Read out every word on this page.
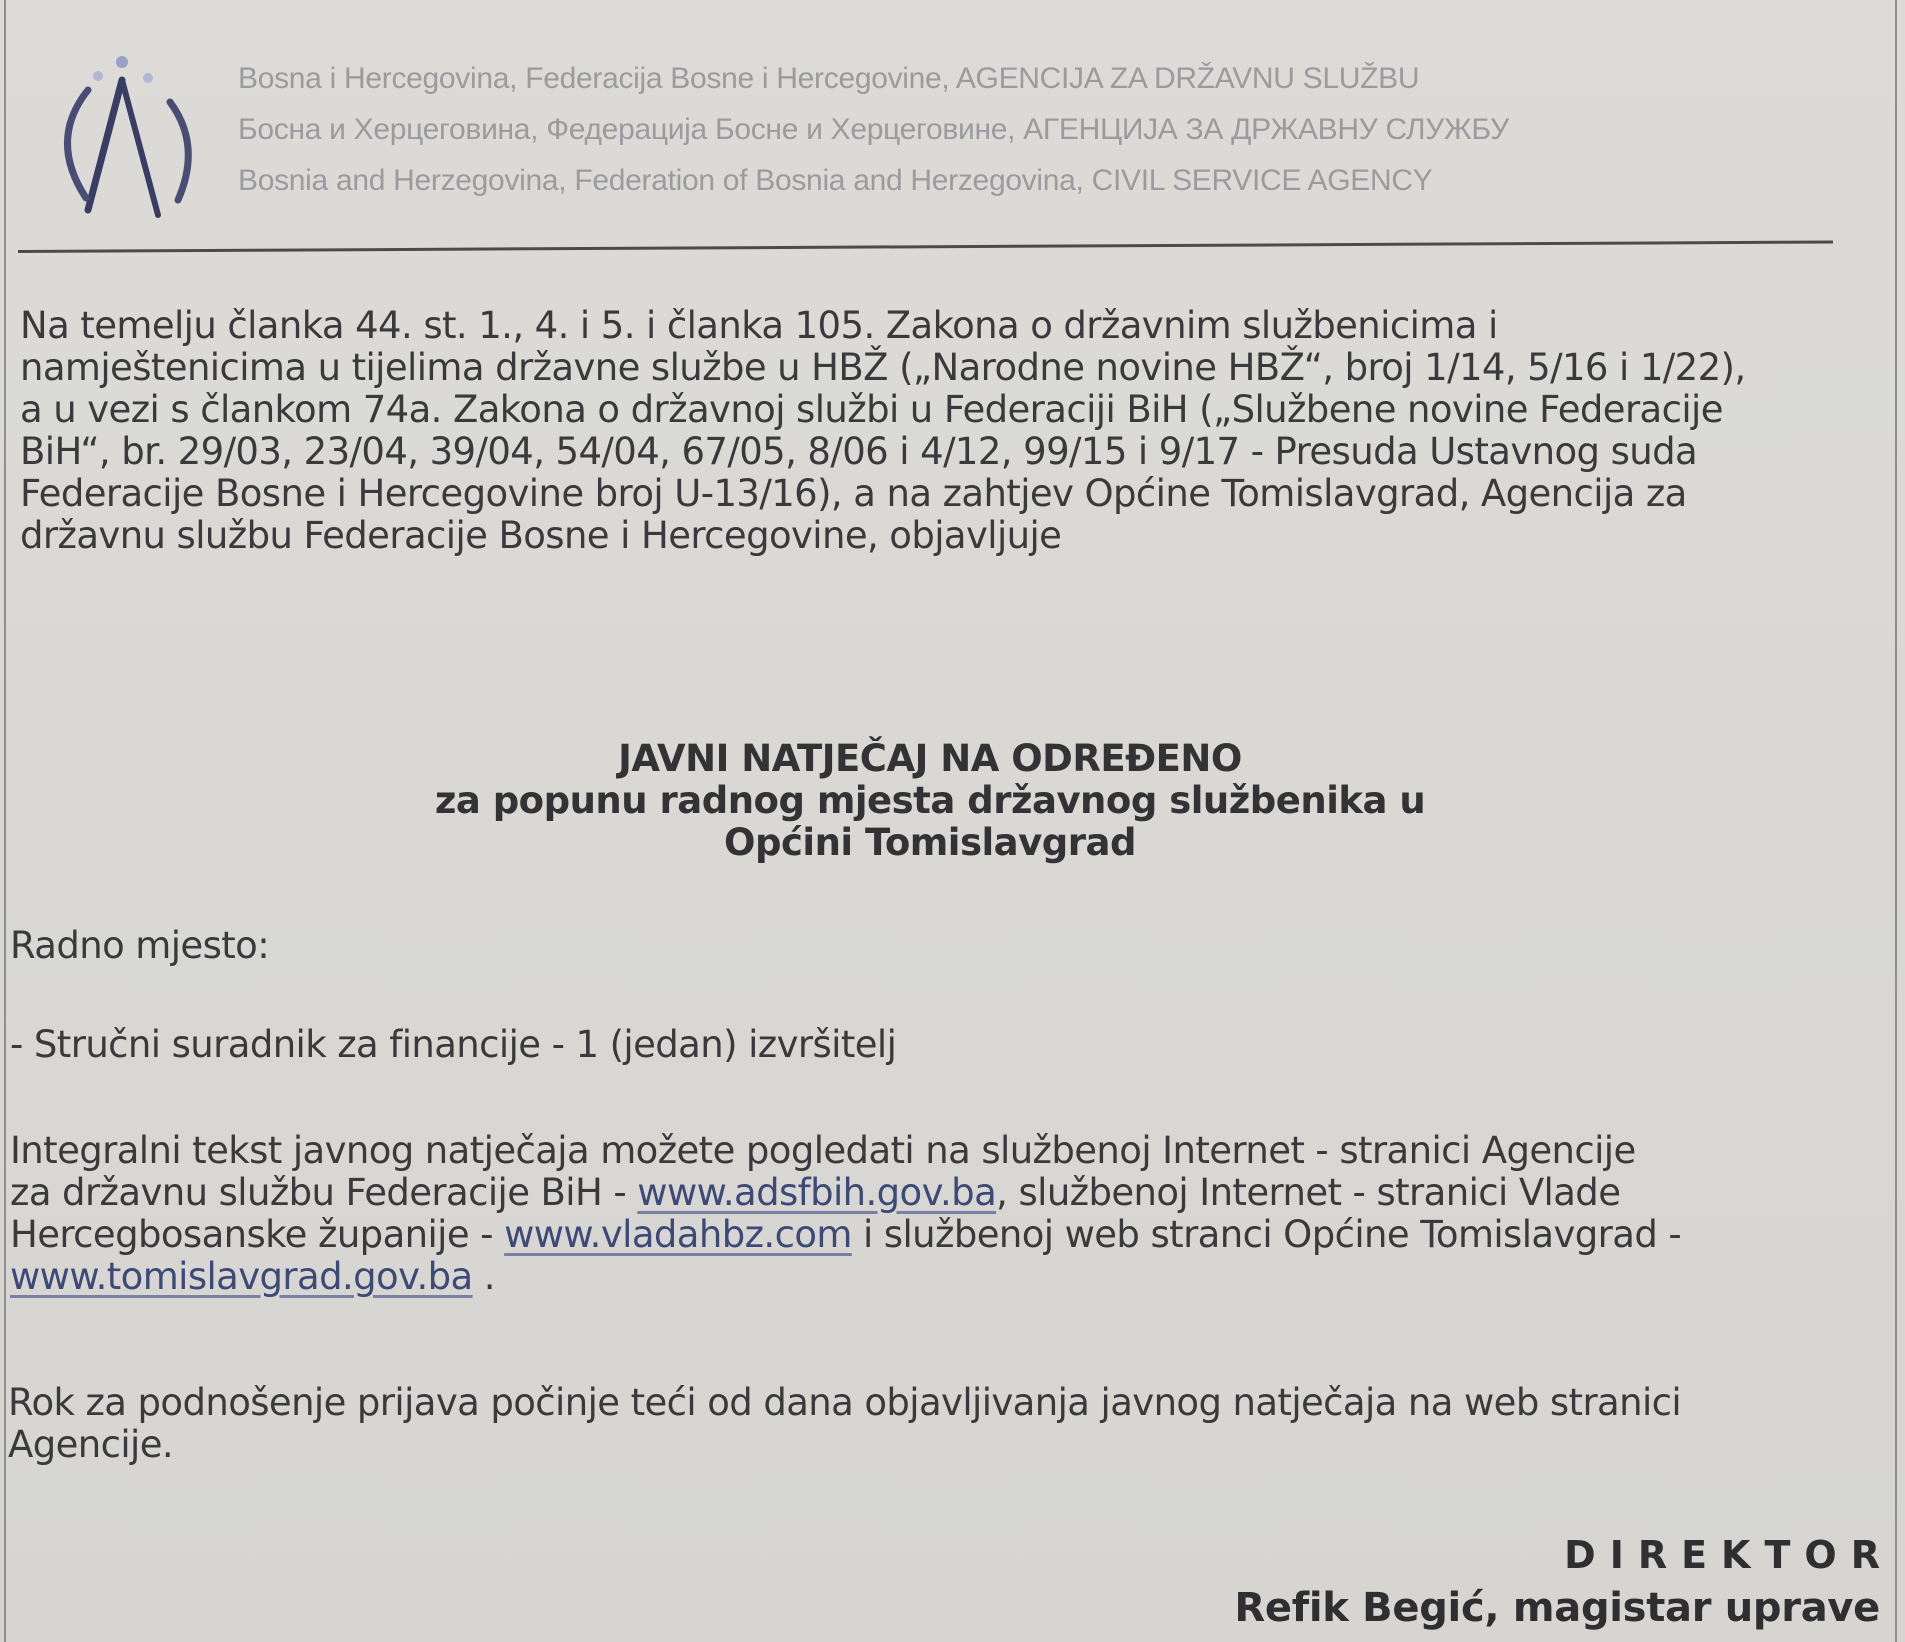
Bosna i Hercegovina, Federacija Bosne i Hercegovine, AGENCIJA ZA DRŽAVNU SLUŽBU
Босна и Херцеговина, Федерација Босне и Херцеговине, АГЕНЦИЈА ЗА ДРЖАВНУ СЛУЖБУ
Bosnia and Herzegovina, Federation of Bosnia and Herzegovina, CIVIL SERVICE AGENCY
Na temelju članka 44. st. 1., 4. i 5. i članka 105. Zakona o državnim službenicima i
namještenicima u tijelima državne službe u HBŽ („Narodne novine HBŽ“, broj 1/14, 5/16 i 1/22),
a u vezi s člankom 74a. Zakona o državnoj službi u Federaciji BiH („Službene novine Federacije
BiH“, br. 29/03, 23/04, 39/04, 54/04, 67/05, 8/06 i 4/12, 99/15 i 9/17 - Presuda Ustavnog suda
Federacije Bosne i Hercegovine broj U-13/16), a na zahtjev Općine Tomislavgrad, Agencija za
državnu službu Federacije Bosne i Hercegovine, objavljuje
JAVNI NATJEČAJ NA ODREĐENO
za popunu radnog mjesta državnog službenika u
Općini Tomislavgrad
Radno mjesto:
- Stručni suradnik za financije - 1 (jedan) izvršitelj
Integralni tekst javnog natječaja možete pogledati na službenoj Internet - stranici Agencije
za državnu službu Federacije BiH - www.adsfbih.gov.ba, službenoj Internet - stranici Vlade
Hercegbosanske županije - www.vladahbz.com i službenoj web stranci Općine Tomislavgrad -
www.tomislavgrad.gov.ba .
Rok za podnošenje prijava počinje teći od dana objavljivanja javnog natječaja na web stranici
Agencije.
DIREKTOR
Refik Begić, magistar uprave
